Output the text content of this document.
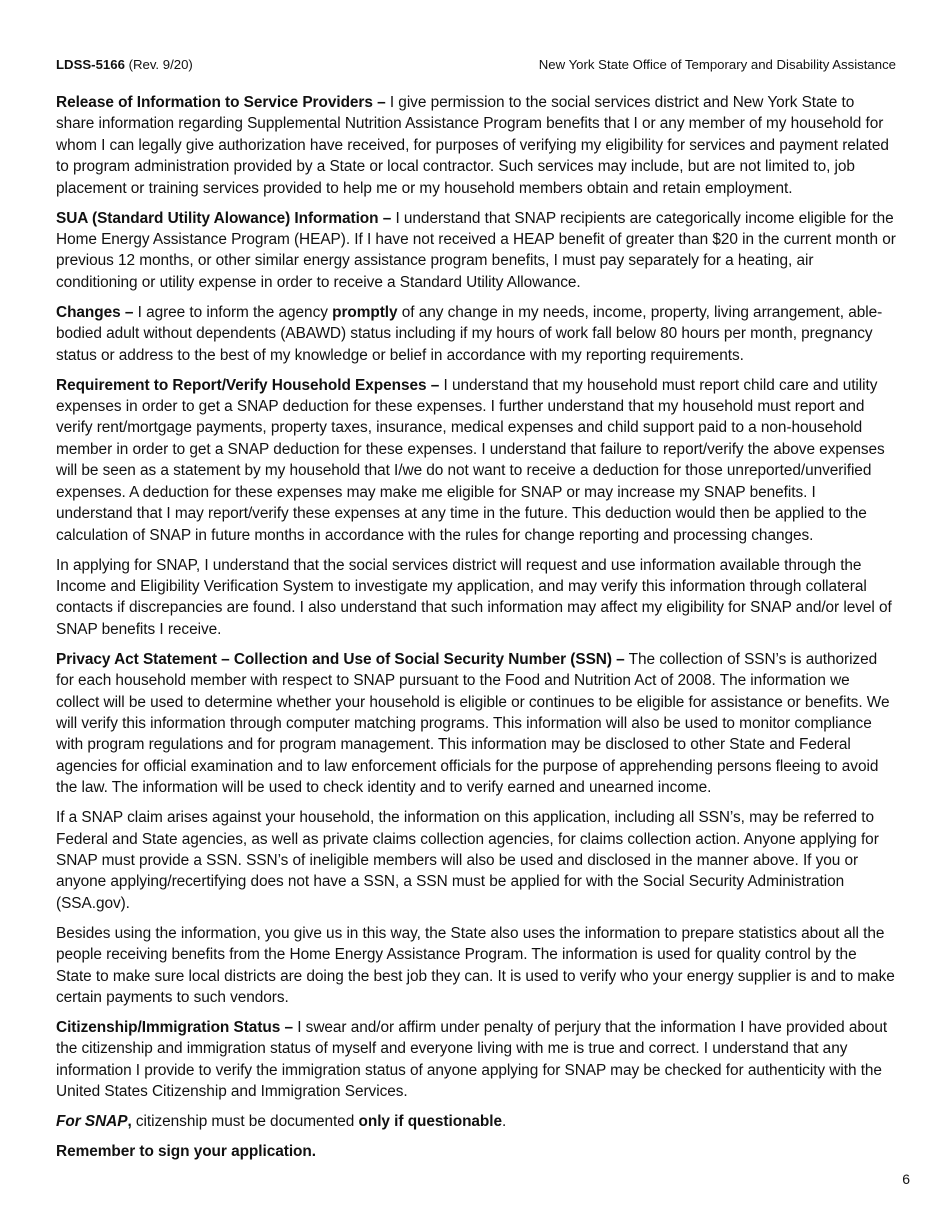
LDSS-5166 (Rev. 9/20)	New York State Office of Temporary and Disability Assistance

Release of Information to Service Providers – I give permission to the social services district and New York State to share information regarding Supplemental Nutrition Assistance Program benefits that I or any member of my household for whom I can legally give authorization have received, for purposes of verifying my eligibility for services and payment related to program administration provided by a State or local contractor. Such services may include, but are not limited to, job placement or training services provided to help me or my household members obtain and retain employment.

SUA (Standard Utility Alowance) Information – I understand that SNAP recipients are categorically income eligible for the Home Energy Assistance Program (HEAP). If I have not received a HEAP benefit of greater than $20 in the current month or previous 12 months, or other similar energy assistance program benefits, I must pay separately for a heating, air conditioning or utility expense in order to receive a Standard Utility Allowance.

Changes – I agree to inform the agency promptly of any change in my needs, income, property, living arrangement, able-bodied adult without dependents (ABAWD) status including if my hours of work fall below 80 hours per month, pregnancy status or address to the best of my knowledge or belief in accordance with my reporting requirements.

Requirement to Report/Verify Household Expenses – I understand that my household must report child care and utility expenses in order to get a SNAP deduction for these expenses. I further understand that my household must report and verify rent/mortgage payments, property taxes, insurance, medical expenses and child support paid to a non-household member in order to get a SNAP deduction for these expenses. I understand that failure to report/verify the above expenses will be seen as a statement by my household that I/we do not want to receive a deduction for those unreported/unverified expenses. A deduction for these expenses may make me eligible for SNAP or may increase my SNAP benefits. I understand that I may report/verify these expenses at any time in the future. This deduction would then be applied to the calculation of SNAP in future months in accordance with the rules for change reporting and processing changes.

In applying for SNAP, I understand that the social services district will request and use information available through the Income and Eligibility Verification System to investigate my application, and may verify this information through collateral contacts if discrepancies are found. I also understand that such information may affect my eligibility for SNAP and/or level of SNAP benefits I receive.

Privacy Act Statement – Collection and Use of Social Security Number (SSN) – The collection of SSN’s is authorized for each household member with respect to SNAP pursuant to the Food and Nutrition Act of 2008. The information we collect will be used to determine whether your household is eligible or continues to be eligible for assistance or benefits. We will verify this information through computer matching programs. This information will also be used to monitor compliance with program regulations and for program management. This information may be disclosed to other State and Federal agencies for official examination and to law enforcement officials for the purpose of apprehending persons fleeing to avoid the law. The information will be used to check identity and to verify earned and unearned income.

If a SNAP claim arises against your household, the information on this application, including all SSN’s, may be referred to Federal and State agencies, as well as private claims collection agencies, for claims collection action. Anyone applying for SNAP must provide a SSN. SSN’s of ineligible members will also be used and disclosed in the manner above. If you or anyone applying/recertifying does not have a SSN, a SSN must be applied for with the Social Security Administration (SSA.gov).

Besides using the information, you give us in this way, the State also uses the information to prepare statistics about all the people receiving benefits from the Home Energy Assistance Program. The information is used for quality control by the State to make sure local districts are doing the best job they can. It is used to verify who your energy supplier is and to make certain payments to such vendors.

Citizenship/Immigration Status – I swear and/or affirm under penalty of perjury that the information I have provided about the citizenship and immigration status of myself and everyone living with me is true and correct. I understand that any information I provide to verify the immigration status of anyone applying for SNAP may be checked for authenticity with the United States Citizenship and Immigration Services.

For SNAP, citizenship must be documented only if questionable.

Remember to sign your application.

6
